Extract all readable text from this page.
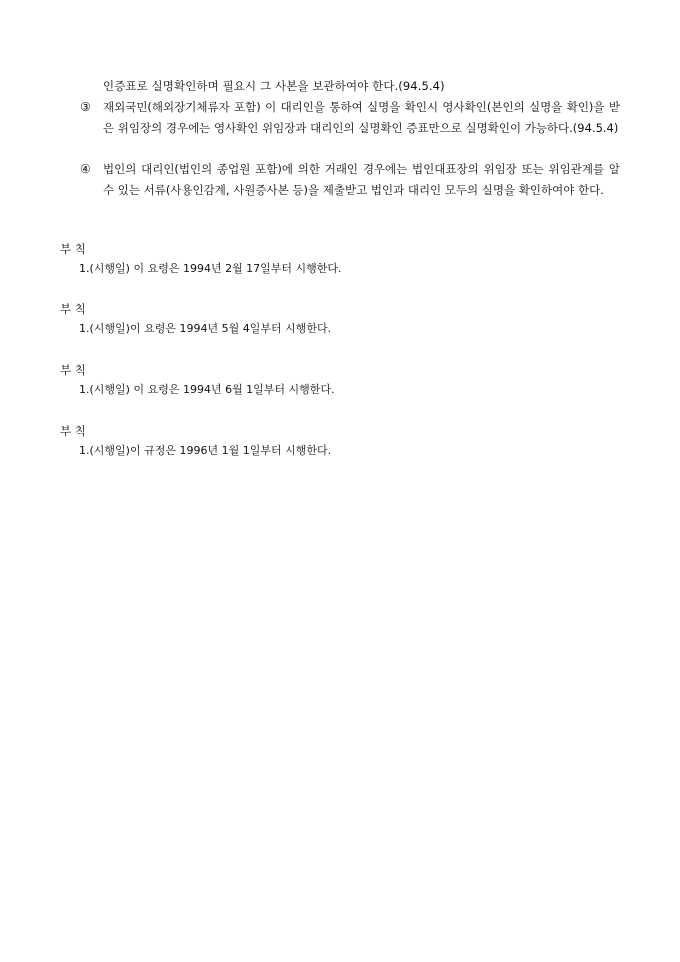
인증표로 실명확인하며 필요시 그 사본을 보관하여야 한다.(94.5.4)
③ 재외국민(해외장기체류자 포함) 이 대리인을 통하여 실명을 확인시 영사확인(본인의 실명을 확인)을 받은 위임장의 경우에는 영사확인 위임장과 대리인의 실명확인 증표만으로 실명확인이 가능하다.(94.5.4)
④ 법인의 대리인(법인의 종업원 포함)에 의한 거래인 경우에는 법인대표장의 위임장 또는 위임관계를 알 수 있는 서류(사용인감계, 사원증사본 등)을 제출받고 법인과 대리인 모두의 실명을 확인하여야 한다.
부 칙
1.(시행일) 이 요령은 1994년 2월 17일부터 시행한다.
부 칙
1.(시행일)이 요령은 1994년 5월 4일부터 시행한다.
부 칙
1.(시행일) 이 요령은 1994년 6월 1일부터 시행한다.
부 칙
1.(시행일)이 규정은 1996년 1월 1일부터 시행한다.
